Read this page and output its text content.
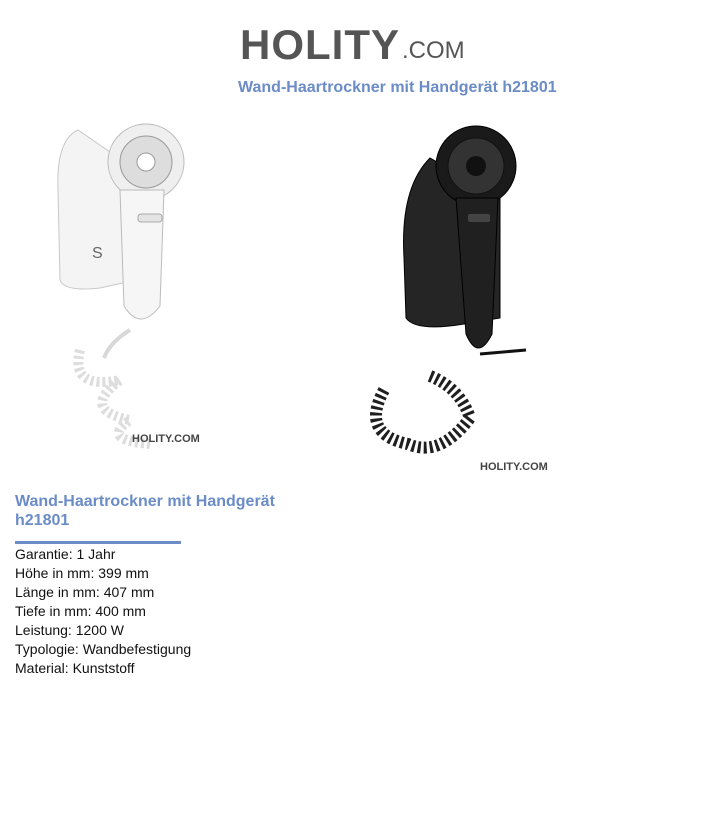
HOLITY .COM
Wand-Haartrockner mit Handgerät h21801
S
HOLITY.COM
HOLITY.COM
Wand-Haartrockner mit Handgerät h21801
Garantie: 1 Jahr
Höhe in mm: 399 mm
Länge in mm: 407 mm
Tiefe in mm: 400 mm
Leistung: 1200 W
Typologie: Wandbefestigung
Material: Kunststoff
